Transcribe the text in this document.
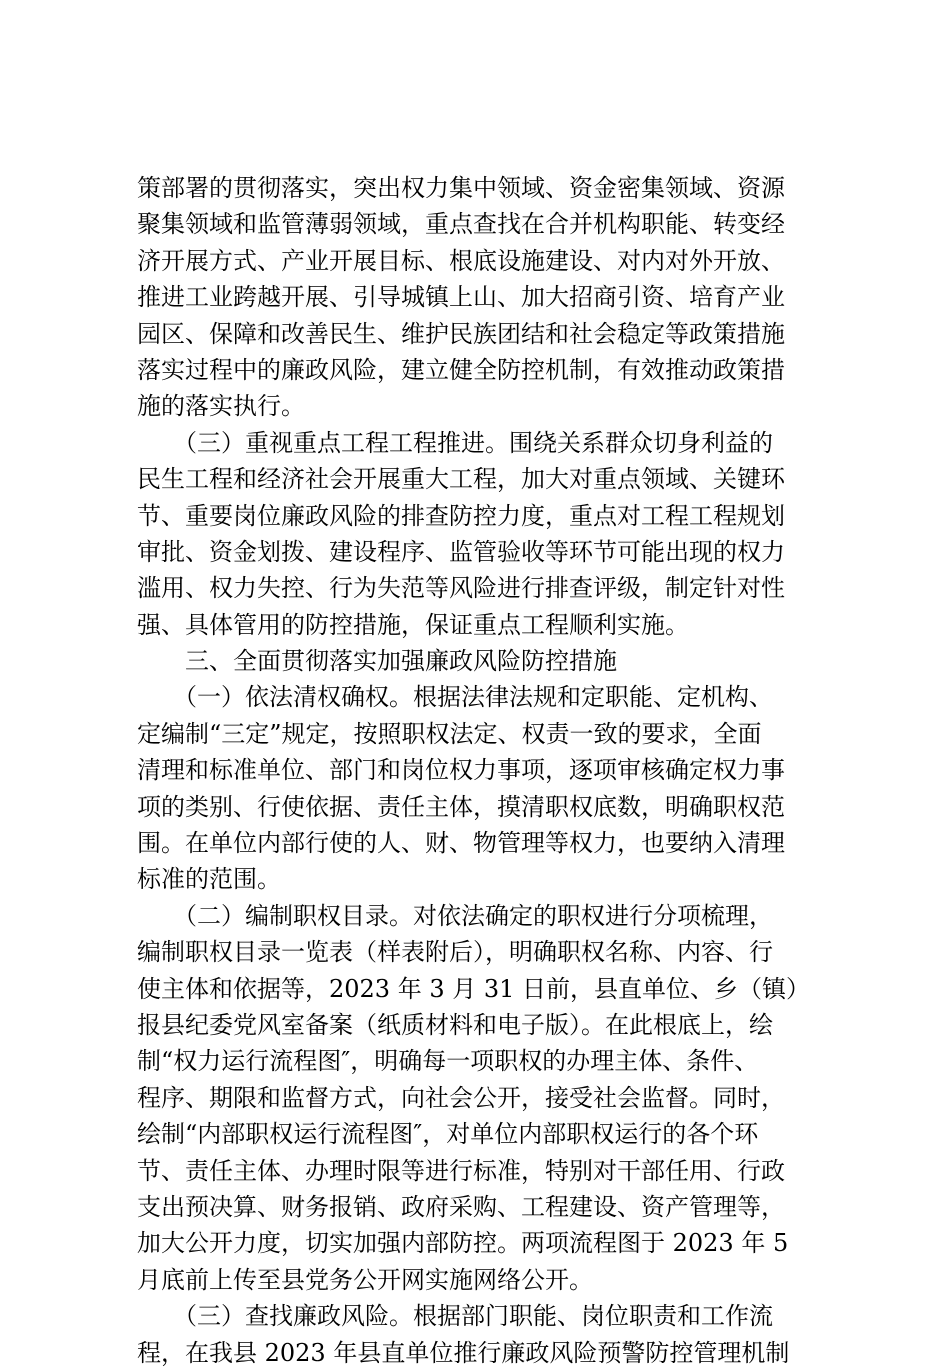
策部署的贯彻落实，突出权力集中领域、资金密集领域、资源
聚集领域和监管薄弱领域，重点查找在合并机构职能、转变经
济开展方式、产业开展目标、根底设施建设、对内对外开放、
推进工业跨越开展、引导城镇上山、加大招商引资、培育产业
园区、保障和改善民生、维护民族团结和社会稳定等政策措施
落实过程中的廉政风险，建立健全防控机制，有效推动政策措
施的落实执行。
　　（三）重视重点工程工程推进。围绕关系群众切身利益的
民生工程和经济社会开展重大工程，加大对重点领域、关键环
节、重要岗位廉政风险的排查防控力度，重点对工程工程规划
审批、资金划拨、建设程序、监管验收等环节可能出现的权力
滥用、权力失控、行为失范等风险进行排查评级，制定针对性
强、具体管用的防控措施，保证重点工程顺利实施。
　　三、全面贯彻落实加强廉政风险防控措施
　　（一）依法清权确权。根据法律法规和定职能、定机构、
定编制“三定”规定，按照职权法定、权责一致的要求，全面
清理和标准单位、部门和岗位权力事项，逐项审核确定权力事
项的类别、行使依据、责任主体，摸清职权底数，明确职权范
围。在单位内部行使的人、财、物管理等权力，也要纳入清理
标准的范围。
　　（二）编制职权目录。对依法确定的职权进行分项梳理，
编制职权目录一览表（样表附后），明确职权名称、内容、行
使主体和依据等，2023 年 3 月 31 日前，县直单位、乡（镇）
报县纪委党风室备案（纸质材料和电子版）。在此根底上，绘
制“权力运行流程图″，明确每一项职权的办理主体、条件、
程序、期限和监督方式，向社会公开，接受社会监督。同时，
绘制“内部职权运行流程图″，对单位内部职权运行的各个环
节、责任主体、办理时限等进行标准，特别对干部任用、行政
支出预决算、财务报销、政府采购、工程建设、资产管理等，
加大公开力度，切实加强内部防控。两项流程图于 2023 年 5
月底前上传至县党务公开网实施网络公开。
　　（三）查找廉政风险。根据部门职能、岗位职责和工作流
程，在我县 2023 年县直单位推行廉政风险预警防控管理机制
